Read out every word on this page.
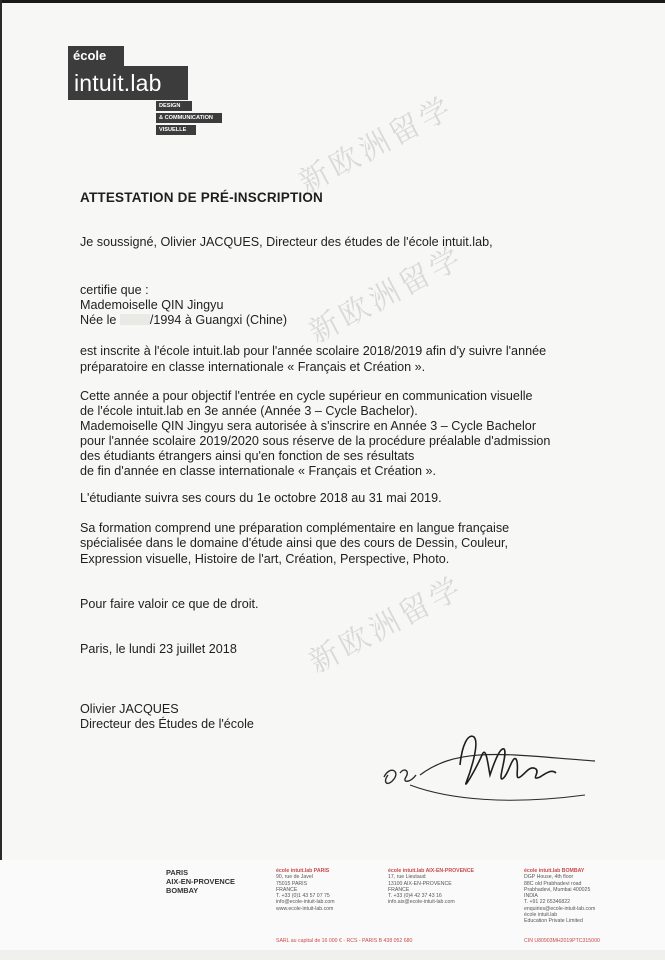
école
intuit.lab
DESIGN
& COMMUNICATION
VISUELLE	新欧洲留学
新欧洲留学
新欧洲留学
ATTESTATION DE PRÉ-INSCRIPTION
Je soussigné, Olivier JACQUES, Directeur des études de l'école intuit.lab,
certifie que :
Mademoiselle QIN Jingyu
Née le	/1994 à Guangxi (Chine)
est inscrite à l'école intuit.lab pour l'année scolaire 2018/2019 afin d'y suivre l'année
préparatoire en classe internationale « Français et Création ».
Cette année a pour objectif l'entrée en cycle supérieur en communication visuelle
de l'école intuit.lab en 3e année (Année 3 – Cycle Bachelor).
Mademoiselle QIN Jingyu sera autorisée à s'inscrire en Année 3 – Cycle Bachelor
pour l'année scolaire 2019/2020 sous réserve de la procédure préalable d'admission
des étudiants étrangers ainsi qu'en fonction de ses résultats
de fin d'année en classe internationale « Français et Création ».
L'étudiante suivra ses cours du 1e octobre 2018 au 31 mai 2019.
Sa formation comprend une préparation complémentaire en langue française
spécialisée dans le domaine d'étude ainsi que des cours de Dessin, Couleur,
Expression visuelle, Histoire de l'art, Création, Perspective, Photo.
Pour faire valoir ce que de droit.
Paris, le lundi 23 juillet 2018
Olivier JACQUES
Directeur des Études de l'école
PARIS
AIX-EN-PROVENCE
BOMBAY
école intuit.lab PARIS
90, rue de Javel
75015 PARIS
FRANCE
T. +33 (0)1 43 57 07 75
info@ecole-intuit-lab.com
www.ecole-intuit-lab.com
école intuit.lab AIX-EN-PROVENCE
17, rue Lieutaud
13100 AIX-EN-PROVENCE
FRANCE
T. +33 (0)4 42 37 43 16
info.aix@ecole-intuit-lab.com
école intuit.lab BOMBAY
DGP House, 4th floor
88C old Prabhadevi road
Prabhadevi, Mumbai 400025
INDIA
T. +91 22 65346822
enquiries@ecole-intuit-lab.com
école intuit.lab
Education Private Limited
SARL au capital de 16 000 € - RCS - PARIS B 438 052 680	CIN U80903MH2019PTC315000
